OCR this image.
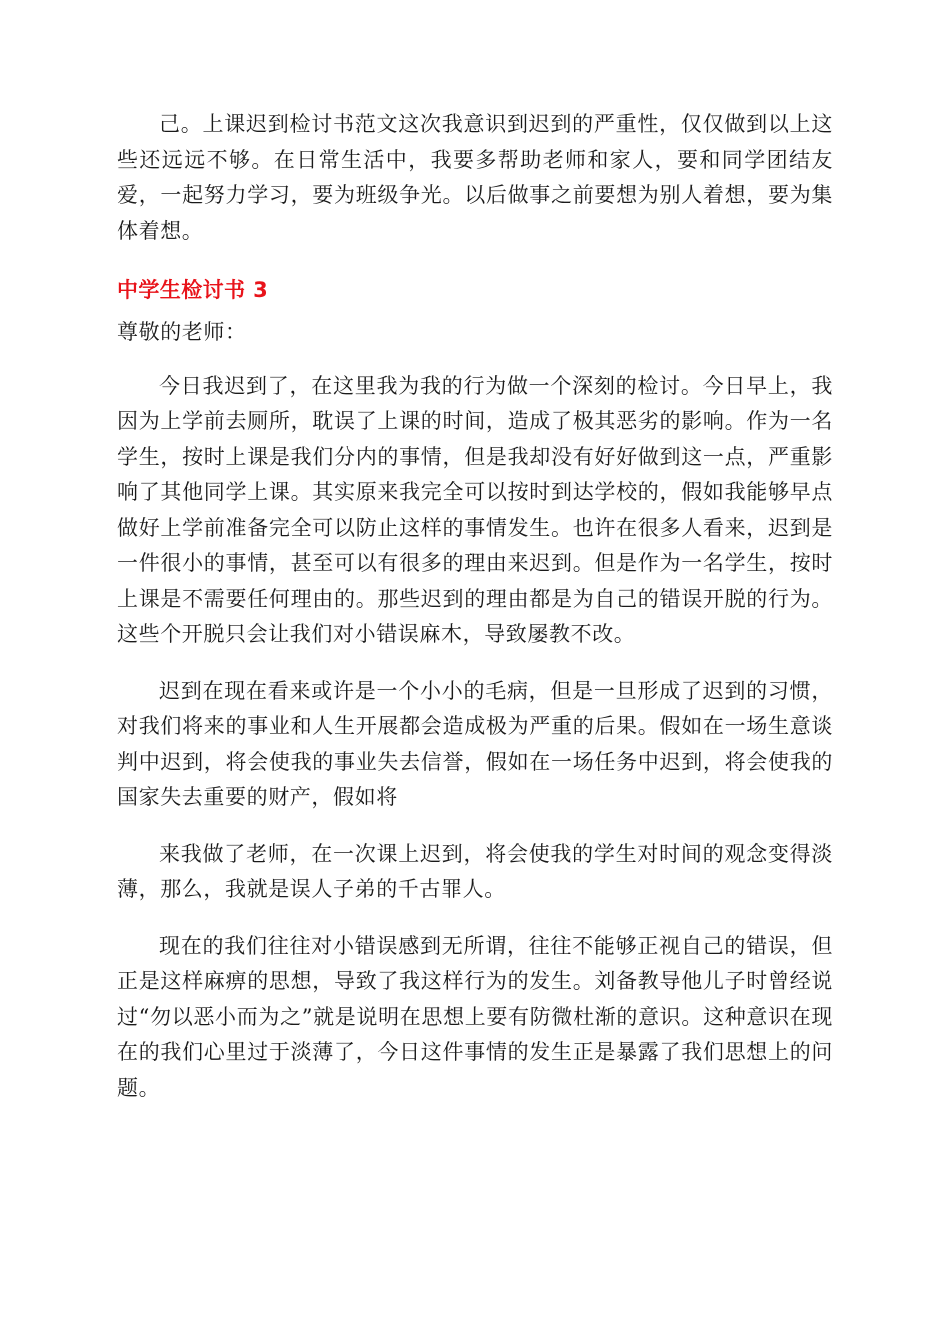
己。上课迟到检讨书范文这次我意识到迟到的严重性，仅仅做到以上这些还远远不够。在日常生活中，我要多帮助老师和家人，要和同学团结友爱，一起努力学习，要为班级争光。以后做事之前要想为别人着想，要为集体着想。

中学生检讨书 3

尊敬的老师：

今日我迟到了，在这里我为我的行为做一个深刻的检讨。今日早上，我因为上学前去厕所，耽误了上课的时间，造成了极其恶劣的影响。作为一名学生，按时上课是我们分内的事情，但是我却没有好好做到这一点，严重影响了其他同学上课。其实原来我完全可以按时到达学校的，假如我能够早点做好上学前准备完全可以防止这样的事情发生。也许在很多人看来，迟到是一件很小的事情，甚至可以有很多的理由来迟到。但是作为一名学生，按时上课是不需要任何理由的。那些迟到的理由都是为自己的错误开脱的行为。这些个开脱只会让我们对小错误麻木，导致屡教不改。

迟到在现在看来或许是一个小小的毛病，但是一旦形成了迟到的习惯，对我们将来的事业和人生开展都会造成极为严重的后果。假如在一场生意谈判中迟到，将会使我的事业失去信誉，假如在一场任务中迟到，将会使我的国家失去重要的财产，假如将

来我做了老师，在一次课上迟到，将会使我的学生对时间的观念变得淡薄，那么，我就是误人子弟的千古罪人。

现在的我们往往对小错误感到无所谓，往往不能够正视自己的错误，但正是这样麻痹的思想，导致了我这样行为的发生。刘备教导他儿子时曾经说过“勿以恶小而为之”就是说明在思想上要有防微杜渐的意识。这种意识在现在的我们心里过于淡薄了，今日这件事情的发生正是暴露了我们思想上的问题。
